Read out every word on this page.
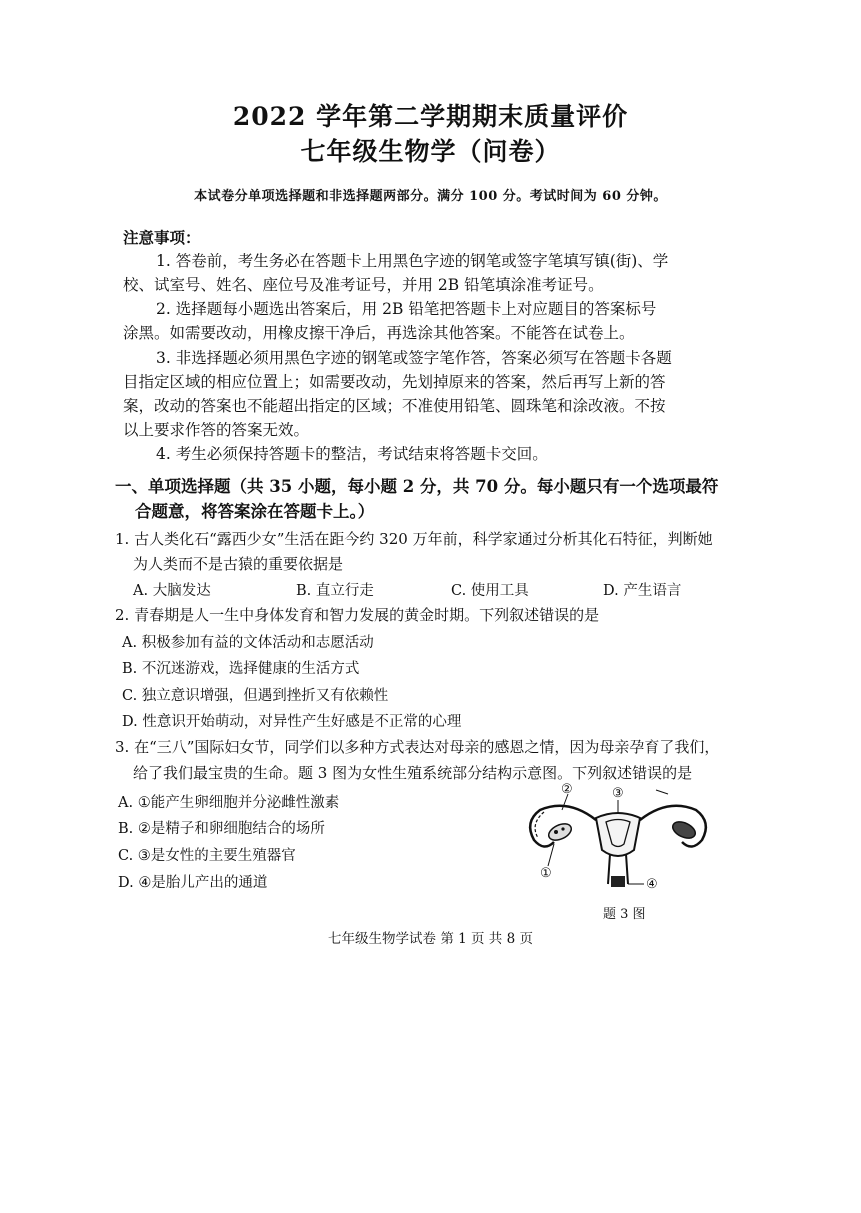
2022 学年第二学期期末质量评价
七年级生物学（问卷）
本试卷分单项选择题和非选择题两部分。满分 100 分。考试时间为 60 分钟。
注意事项：
1. 答卷前，考生务必在答题卡上用黑色字迹的钢笔或签字笔填写镇(街)、学
校、试室号、姓名、座位号及准考证号，并用 2B 铅笔填涂准考证号。
2. 选择题每小题选出答案后，用 2B 铅笔把答题卡上对应题目的答案标号
涂黑。如需要改动，用橡皮擦干净后，再选涂其他答案。不能答在试卷上。
3. 非选择题必须用黑色字迹的钢笔或签字笔作答，答案必须写在答题卡各题
目指定区域的相应位置上；如需要改动，先划掉原来的答案，然后再写上新的答
案，改动的答案也不能超出指定的区域；不准使用铅笔、圆珠笔和涂改液。不按
以上要求作答的答案无效。
4. 考生必须保持答题卡的整洁，考试结束将答题卡交回。
一、单项选择题（共 35 小题，每小题 2 分，共 70 分。每小题只有一个选项最符
合题意，将答案涂在答题卡上。）
1. 古人类化石“露西少女”生活在距今约 320 万年前，科学家通过分析其化石特征，判断她
为人类而不是古猿的重要依据是
A. 大脑发达	B. 直立行走	C. 使用工具	D. 产生语言
2. 青春期是人一生中身体发育和智力发展的黄金时期。下列叙述错误的是
A. 积极参加有益的文体活动和志愿活动
B. 不沉迷游戏，选择健康的生活方式
C. 独立意识增强，但遇到挫折又有依赖性
D. 性意识开始萌动，对异性产生好感是不正常的心理
3. 在“三八”国际妇女节，同学们以多种方式表达对母亲的感恩之情，因为母亲孕育了我们，
给了我们最宝贵的生命。题 3 图为女性生殖系统部分结构示意图。下列叙述错误的是
A. ①能产生卵细胞并分泌雌性激素
B. ②是精子和卵细胞结合的场所
C. ③是女性的主要生殖器官
D. ④是胎儿产出的通道
②	③
①
④
题 3 图
七年级生物学试卷 第 1 页 共 8 页
